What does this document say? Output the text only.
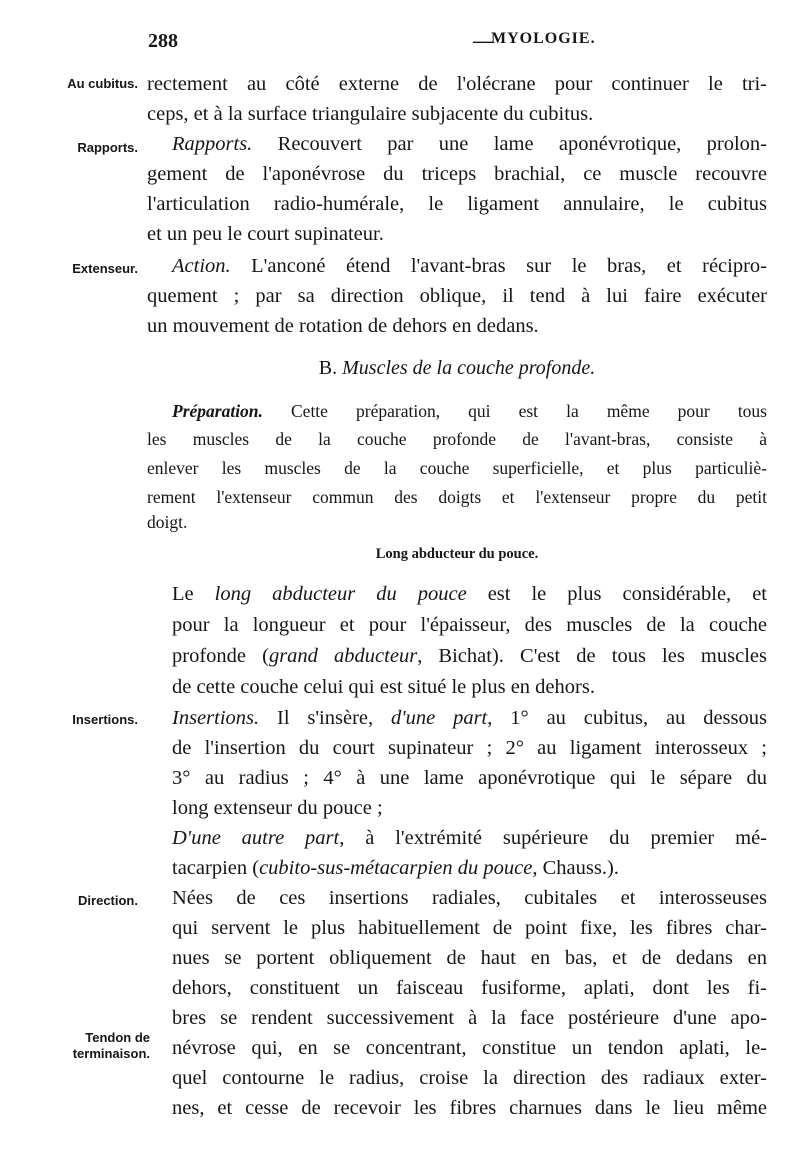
288	—
MYOLOGIE.
Au cubitus.
Rapports.
Extenseur.
Insertions.
Direction.
Tendon de terminaison.
rectement au côté externe de l'olécrane pour continuer le tri-
ceps, et à la surface triangulaire subjacente du cubitus.
Rapports. Recouvert par une lame aponévrotique, prolon-
gement de l'aponévrose du triceps brachial, ce muscle recouvre
l'articulation radio-humérale, le ligament annulaire, le cubitus
et un peu le court supinateur.
Action. L'anconé étend l'avant-bras sur le bras, et récipro-
quement ; par sa direction oblique, il tend à lui faire exécuter
un mouvement de rotation de dehors en dedans.
B. Muscles de la couche profonde.
Préparation. Cette préparation, qui est la même pour tous
les muscles de la couche profonde de l'avant-bras, consiste à
enlever les muscles de la couche superficielle, et plus particuliè-
rement l'extenseur commun des doigts et l'extenseur propre du petit
doigt.
Long abducteur du pouce.
Le long abducteur du pouce est le plus considérable, et
pour la longueur et pour l'épaisseur, des muscles de la couche
profonde (grand abducteur, Bichat). C'est de tous les muscles
de cette couche celui qui est situé le plus en dehors.
Insertions. Il s'insère, d'une part, 1° au cubitus, au dessous
de l'insertion du court supinateur ; 2° au ligament interosseux ;
3° au radius ; 4° à une lame aponévrotique qui le sépare du
long extenseur du pouce ;
D'une autre part, à l'extrémité supérieure du premier mé-
tacarpien (cubito-sus-métacarpien du pouce, Chauss.).
Nées de ces insertions radiales, cubitales et interosseuses
qui servent le plus habituellement de point fixe, les fibres char-
nues se portent obliquement de haut en bas, et de dedans en
dehors, constituent un faisceau fusiforme, aplati, dont les fi-
bres se rendent successivement à la face postérieure d'une apo-
névrose qui, en se concentrant, constitue un tendon aplati, le-
quel contourne le radius, croise la direction des radiaux exter-
nes, et cesse de recevoir les fibres charnues dans le lieu même
